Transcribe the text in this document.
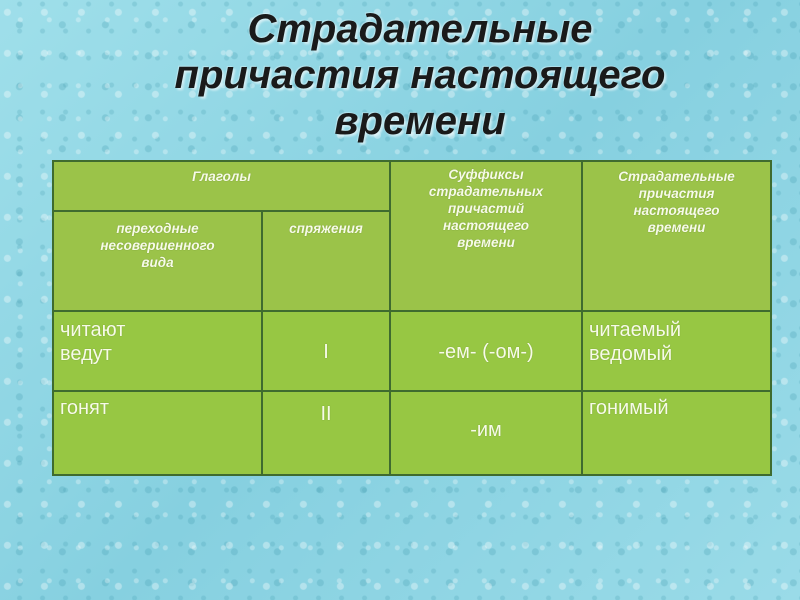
Страдательные
причастия настоящего
времени
Глаголы		Суффиксы
страдательных
причастий
настоящего
времени	Страдательные
причастия
настоящего
времени

переходные
несовершенного
вида	спряжения		

читают
ведут	I	-ем- (-ом-)	читаемый
ведомый

гонят	II	-им	гонимый
